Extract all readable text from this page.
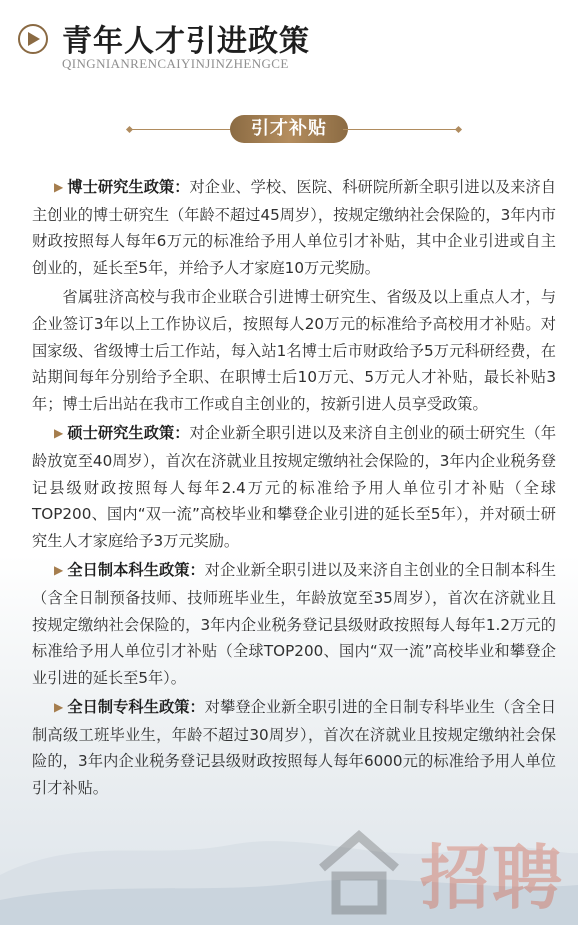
青年人才引进政策
QINGNIANRENCAIYINJINZHENGCE
引才补贴

▶ 博士研究生政策：对企业、学校、医院、科研院所新全职引进以及来济自主创业的博士研究生（年龄不超过45周岁），按规定缴纳社会保险的，3年内市财政按照每人每年6万元的标准给予用人单位引才补贴，其中企业引进或自主创业的，延长至5年，并给予人才家庭10万元奖励。

省属驻济高校与我市企业联合引进博士研究生、省级及以上重点人才，与企业签订3年以上工作协议后，按照每人20万元的标准给予高校用才补贴。对国家级、省级博士后工作站，每入站1名博士后市财政给予5万元科研经费，在站期间每年分别给予全职、在职博士后10万元、5万元人才补贴，最长补贴3年；博士后出站在我市工作或自主创业的，按新引进人员享受政策。

▶ 硕士研究生政策：对企业新全职引进以及来济自主创业的硕士研究生（年龄放宽至40周岁），首次在济就业且按规定缴纳社会保险的，3年内企业税务登记县级财政按照每人每年2.4万元的标准给予用人单位引才补贴（全球TOP200、国内“双一流”高校毕业和攀登企业引进的延长至5年），并对硕士研究生人才家庭给予3万元奖励。

▶ 全日制本科生政策：对企业新全职引进以及来济自主创业的全日制本科生（含全日制预备技师、技师班毕业生，年龄放宽至35周岁），首次在济就业且按规定缴纳社会保险的，3年内企业税务登记县级财政按照每人每年1.2万元的标准给予用人单位引才补贴（全球TOP200、国内“双一流”高校毕业和攀登企业引进的延长至5年）。

▶ 全日制专科生政策：对攀登企业新全职引进的全日制专科毕业生（含全日制高级工班毕业生，年龄不超过30周岁），首次在济就业且按规定缴纳社会保险的，3年内企业税务登记县级财政按照每人每年6000元的标准给予用人单位引才补贴。

招聘
